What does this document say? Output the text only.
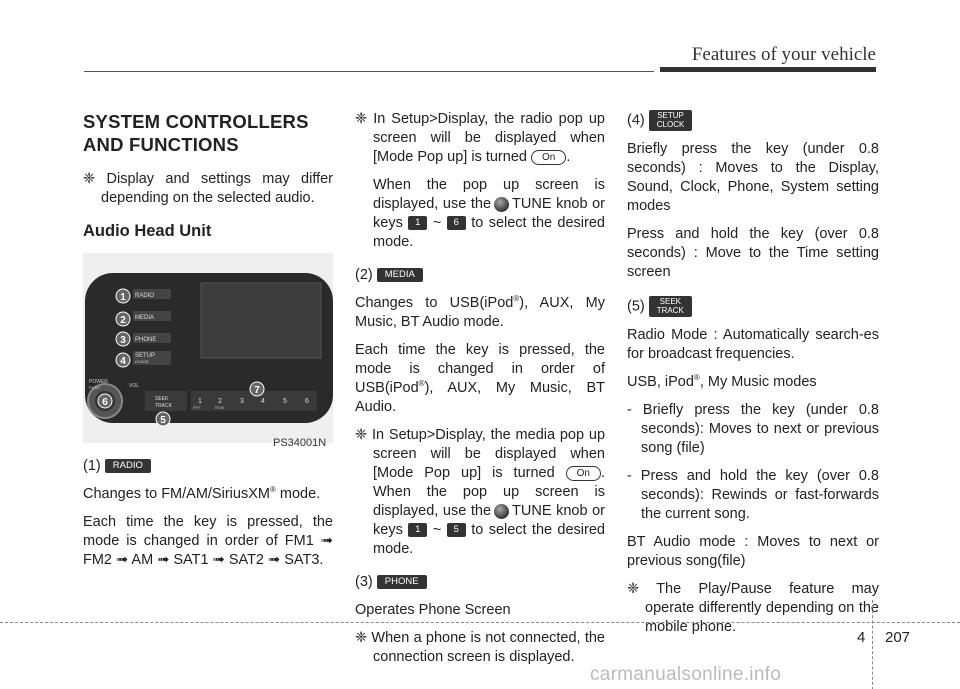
Features of your vehicle
SYSTEM CONTROLLERS
AND FUNCTIONS

❈ Display and settings may differ depending on the selected audio.

Audio Head Unit
RADIO
MEDIA
PHONE
SETUP
CLOCK
POWER
PUSH	VOL
SEEK
TRACK
1 2	3 4	5	6
RPT	RDM
1
2
3
4
5
6
7
PS34001N

(1) RADIO

Changes to FM/AM/SiriusXM® mode.

Each time the key is pressed, the mode is changed in order of FM1 ➟ FM2 ➟ AM ➟ SAT1 ➟ SAT2 ➟ SAT3.

❈ In Setup>Display, the radio pop up screen will be displayed when [Mode Pop up] is turned On .

When the pop up screen is displayed, use the TUNE knob or keys 1 ~ 6 to select the desired mode.

(2) MEDIA

Changes to USB(iPod®), AUX, My Music, BT Audio mode.

Each time the key is pressed, the mode is changed in order of USB(iPod®), AUX, My Music, BT Audio.

❈ In Setup>Display, the media pop up screen will be displayed when [Mode Pop up] is turned On . When the pop up screen is displayed, use the TUNE knob or keys 1 ~ 5 to select the desired mode.

(3) PHONE

Operates Phone Screen

❈ When a phone is not connected, the connection screen is displayed.

(4) SETUP
CLOCK

Briefly press the key (under 0.8 seconds) : Moves to the Display, Sound, Clock, Phone, System setting modes

Press and hold the key (over 0.8 seconds) : Move to the Time setting screen

(5) SEEK
TRACK

Radio Mode : Automatically search-es for broadcast frequencies.

USB, iPod®, My Music modes

- Briefly press the key (under 0.8 seconds): Moves to next or previous song (file)

- Press and hold the key (over 0.8 seconds): Rewinds or fast-forwards the current song.

BT Audio mode : Moves to next or previous song(file)

❈ The Play/Pause feature may operate differently depending on the mobile phone.

4 207
carmanualsonline.info
